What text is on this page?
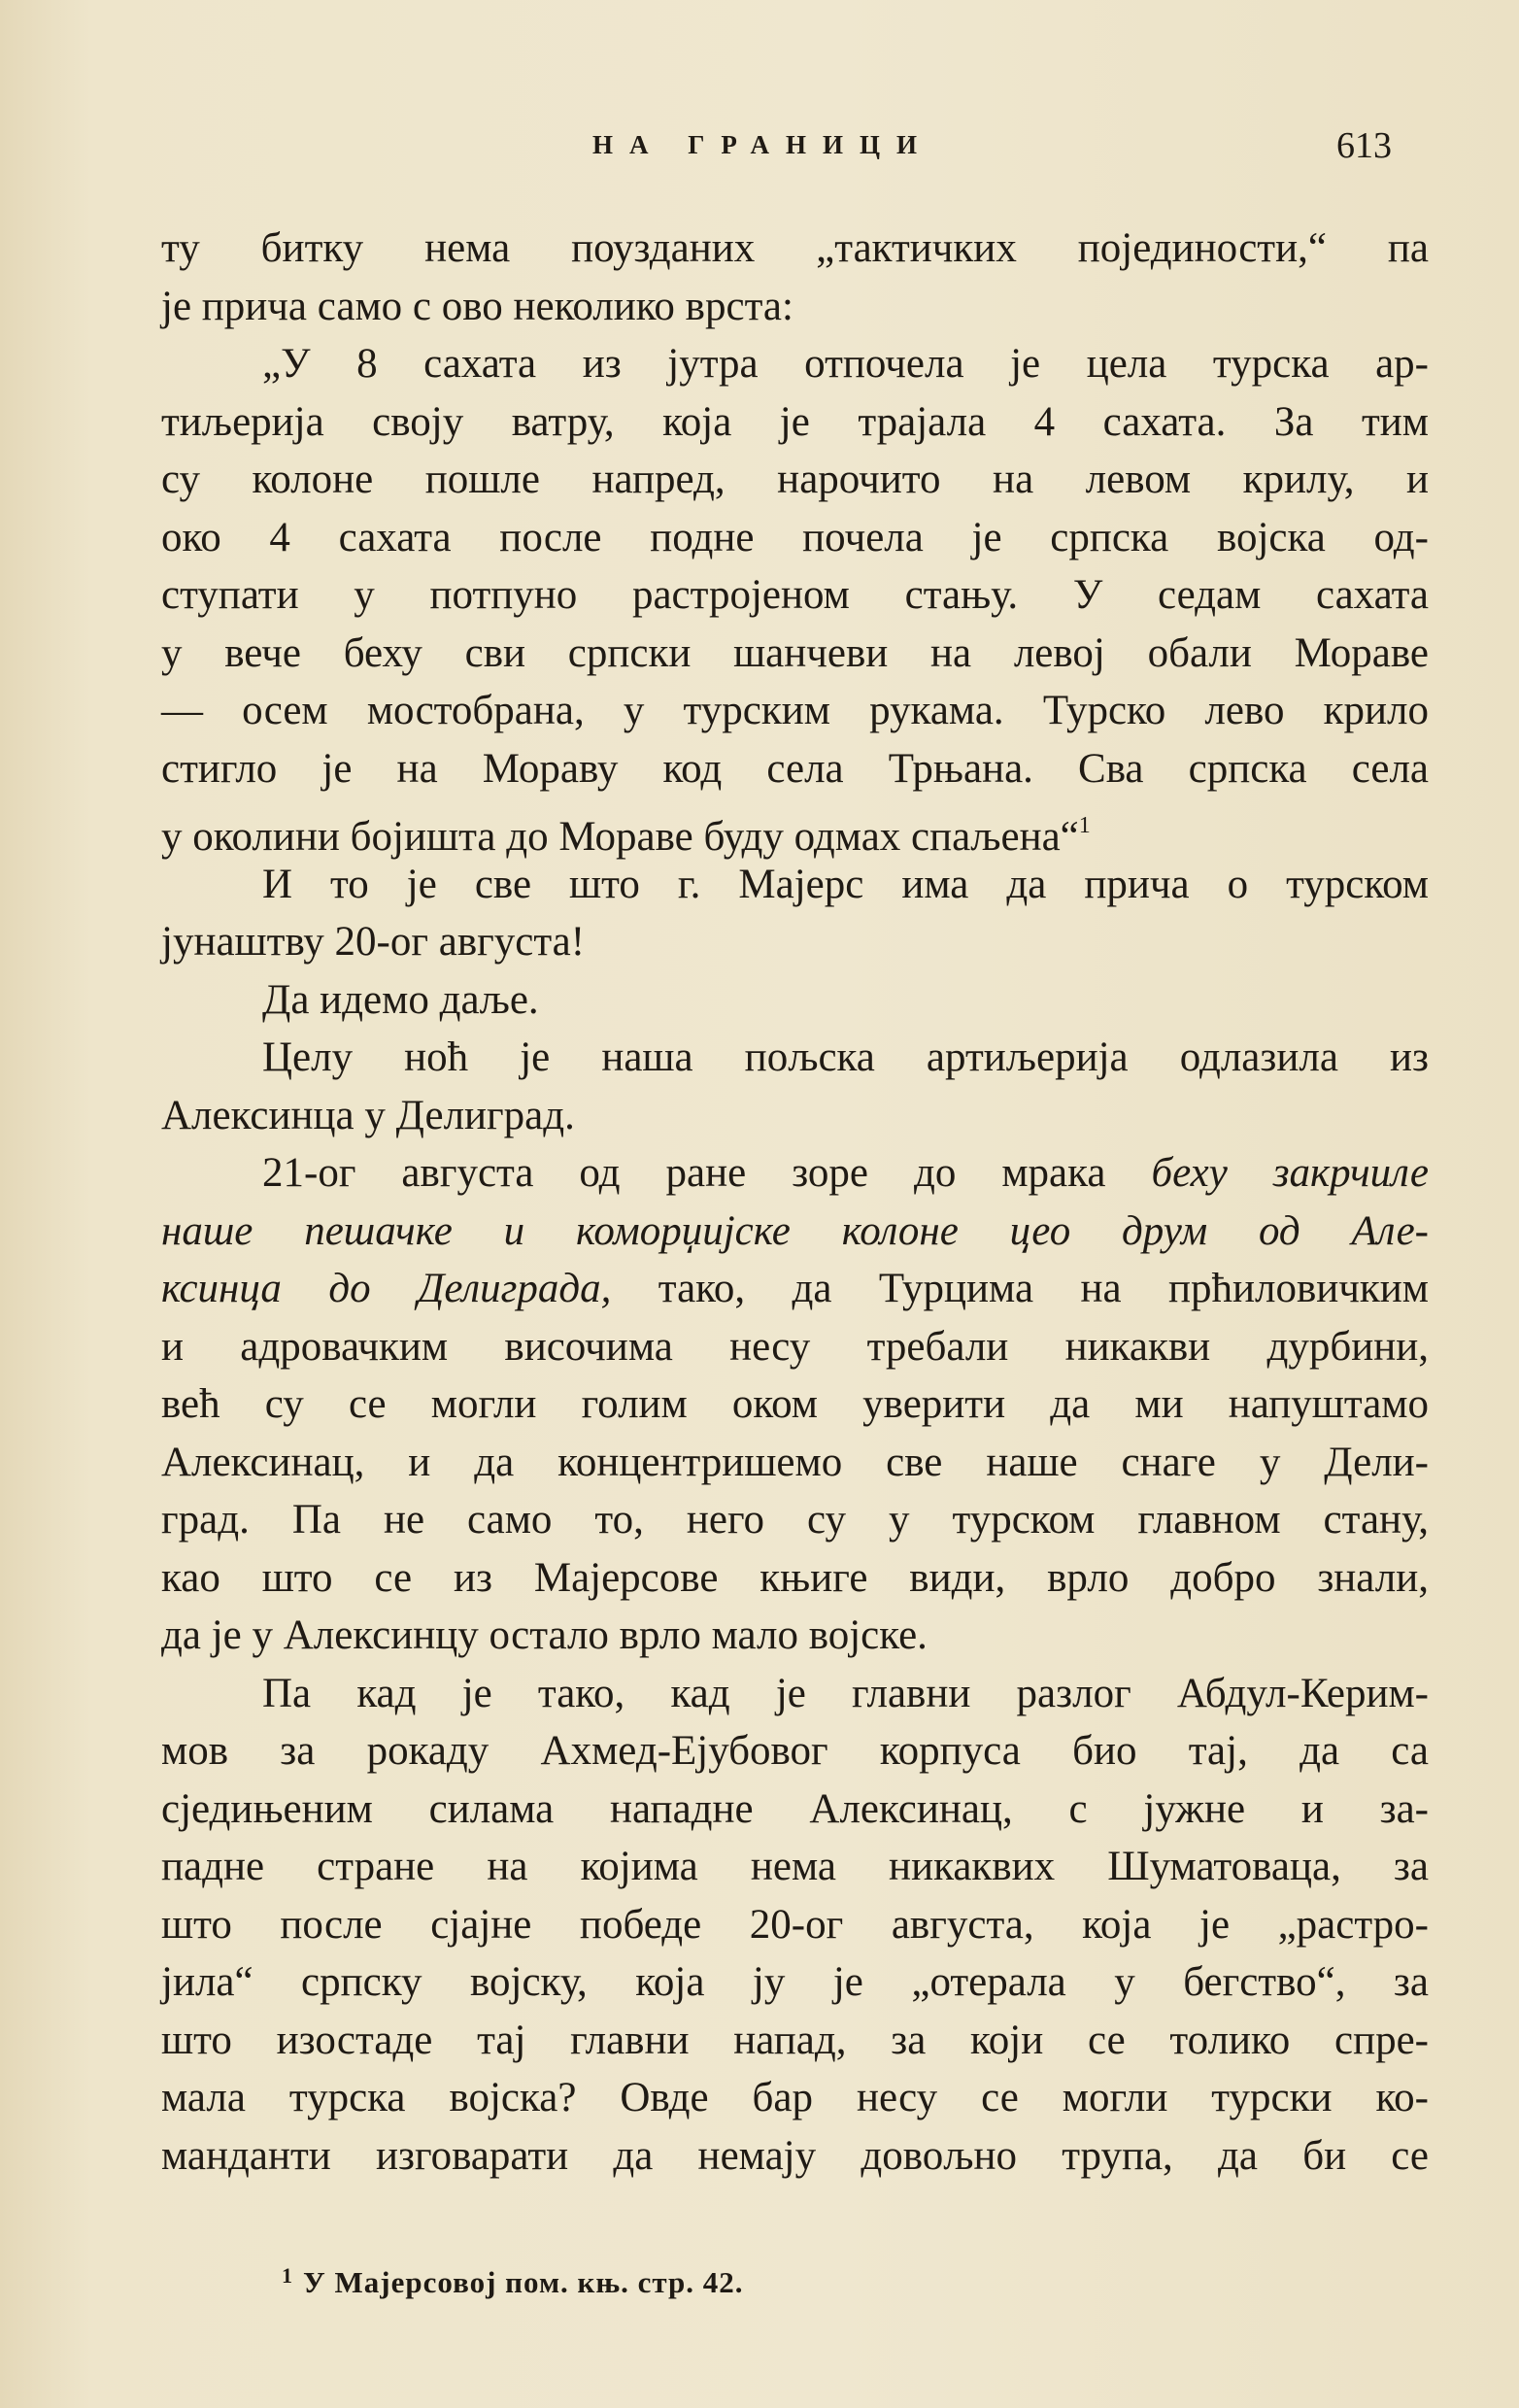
НА ГРАНИЦИ	613
ту битку нема поузданих „тактичких појединости,“ па
је прича само с ово неколико врста:
„У 8 сахата из јутра отпочела је цела турска ар-
тиљерија своју ватру, која је трајала 4 сахата. За тим
су колоне пошле напред, нарочито на левом крилу, и
око 4 сахата после подне почела је српска војска од-
ступати у потпуно растројеном стању. У седам сахата
у вече беху сви српски шанчеви на левој обали Мораве
— осем мостобрана, у турским рукама. Турско лево крило
стигло је на Мораву код села Трњана. Сва српска села
у околини бојишта до Мораве буду одмах спаљена“$^1$
И то је све што г. Мајерс има да прича о турском
јунаштву 20-ог августа!
Да идемо даље.
Целу ноћ је наша пољска артиљерија одлазила из
Алексинца у Делиград.
21-ог августа од ране зоре до мрака беху закрчиле
наше пешачке и коморџијске колоне цео друм од Але-
ксинца до Делиграда, тако, да Турцима на прћиловичким
и адровачким височима несу требали никакви дурбини,
већ су се могли голим оком уверити да ми напуштамо
Алексинац, и да концентришемо све наше снаге у Дели-
град. Па не само то, него су у турском главном стану,
као што се из Мајерсове књиге види, врло добро знали,
да је у Алексинцу остало врло мало војске.
Па кад је тако, кад је главни разлог Абдул-Керим-
мов за рокаду Ахмед-Ејубовог корпуса био тај, да са
сједињеним силама нападне Алексинац, с јужне и за-
падне стране на којима нема никаквих Шуматоваца, за
што после сјајне победе 20-ог августа, која је „растро-
јила“ српску војску, која ју је „отерала у бегство“, за
што изостаде тај главни напад, за који се толико спре-
мала турска војска? Овде бар несу се могли турски ко-
манданти изговарати да немају довољно трупа, да би се
$^1$ У Мајерсовој пом. књ. стр. 42.
